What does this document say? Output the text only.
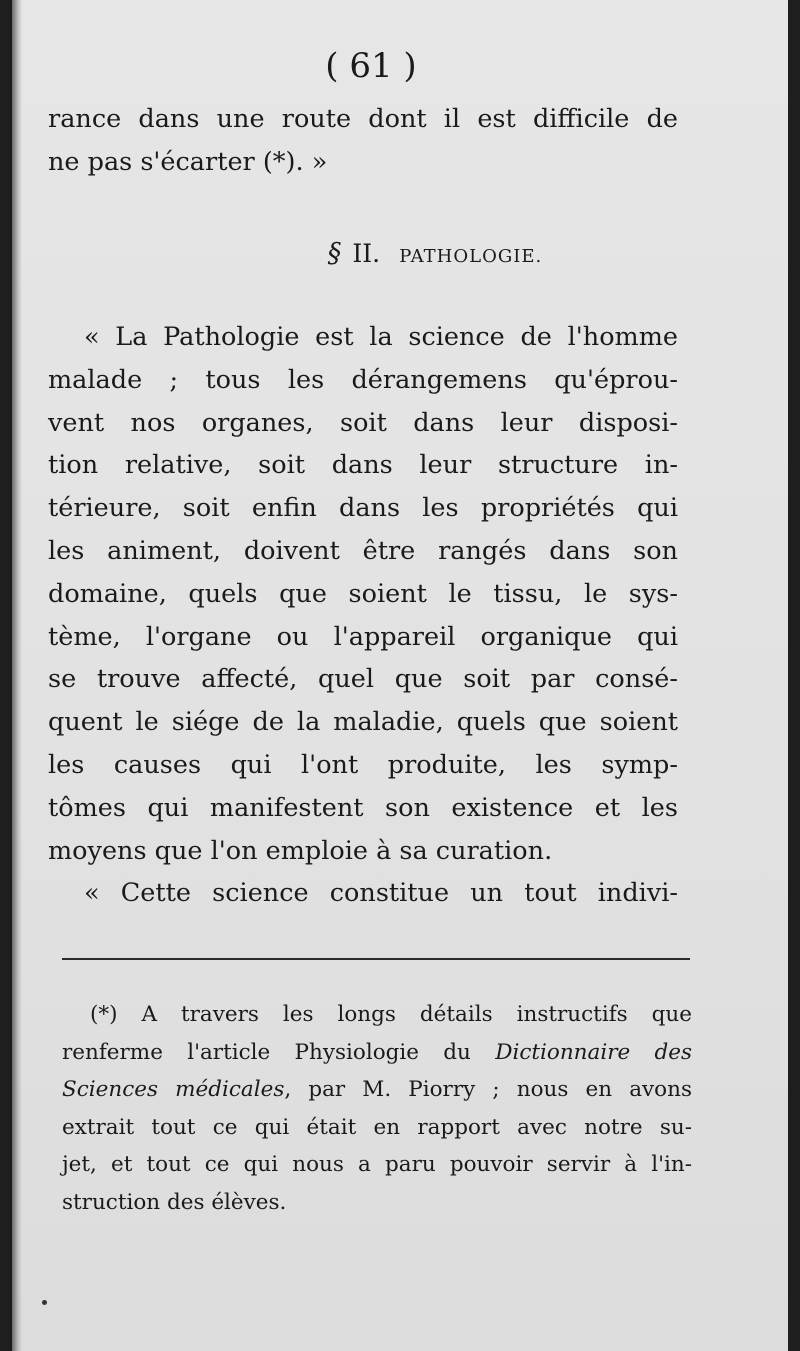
( 61 )
rance dans une route dont il est difficile de
ne pas s'écarter (*). »
§ II. PATHOLOGIE.
« La Pathologie est la science de l'homme
malade ; tous les dérangemens qu'éprou-
vent nos organes, soit dans leur disposi-
tion relative, soit dans leur structure in-
térieure, soit enfin dans les propriétés qui
les animent, doivent être rangés dans son
domaine, quels que soient le tissu, le sys-
tème, l'organe ou l'appareil organique qui
se trouve affecté, quel que soit par consé-
quent le siége de la maladie, quels que soient
les causes qui l'ont produite, les symp-
tômes qui manifestent son existence et les
moyens que l'on emploie à sa curation.
« Cette science constitue un tout indivi-
(*) A travers les longs détails instructifs que
renferme l'article Physiologie du Dictionnaire des
Sciences médicales, par M. Piorry ; nous en avons
extrait tout ce qui était en rapport avec notre su-
jet, et tout ce qui nous a paru pouvoir servir à l'in-
struction des élèves.
